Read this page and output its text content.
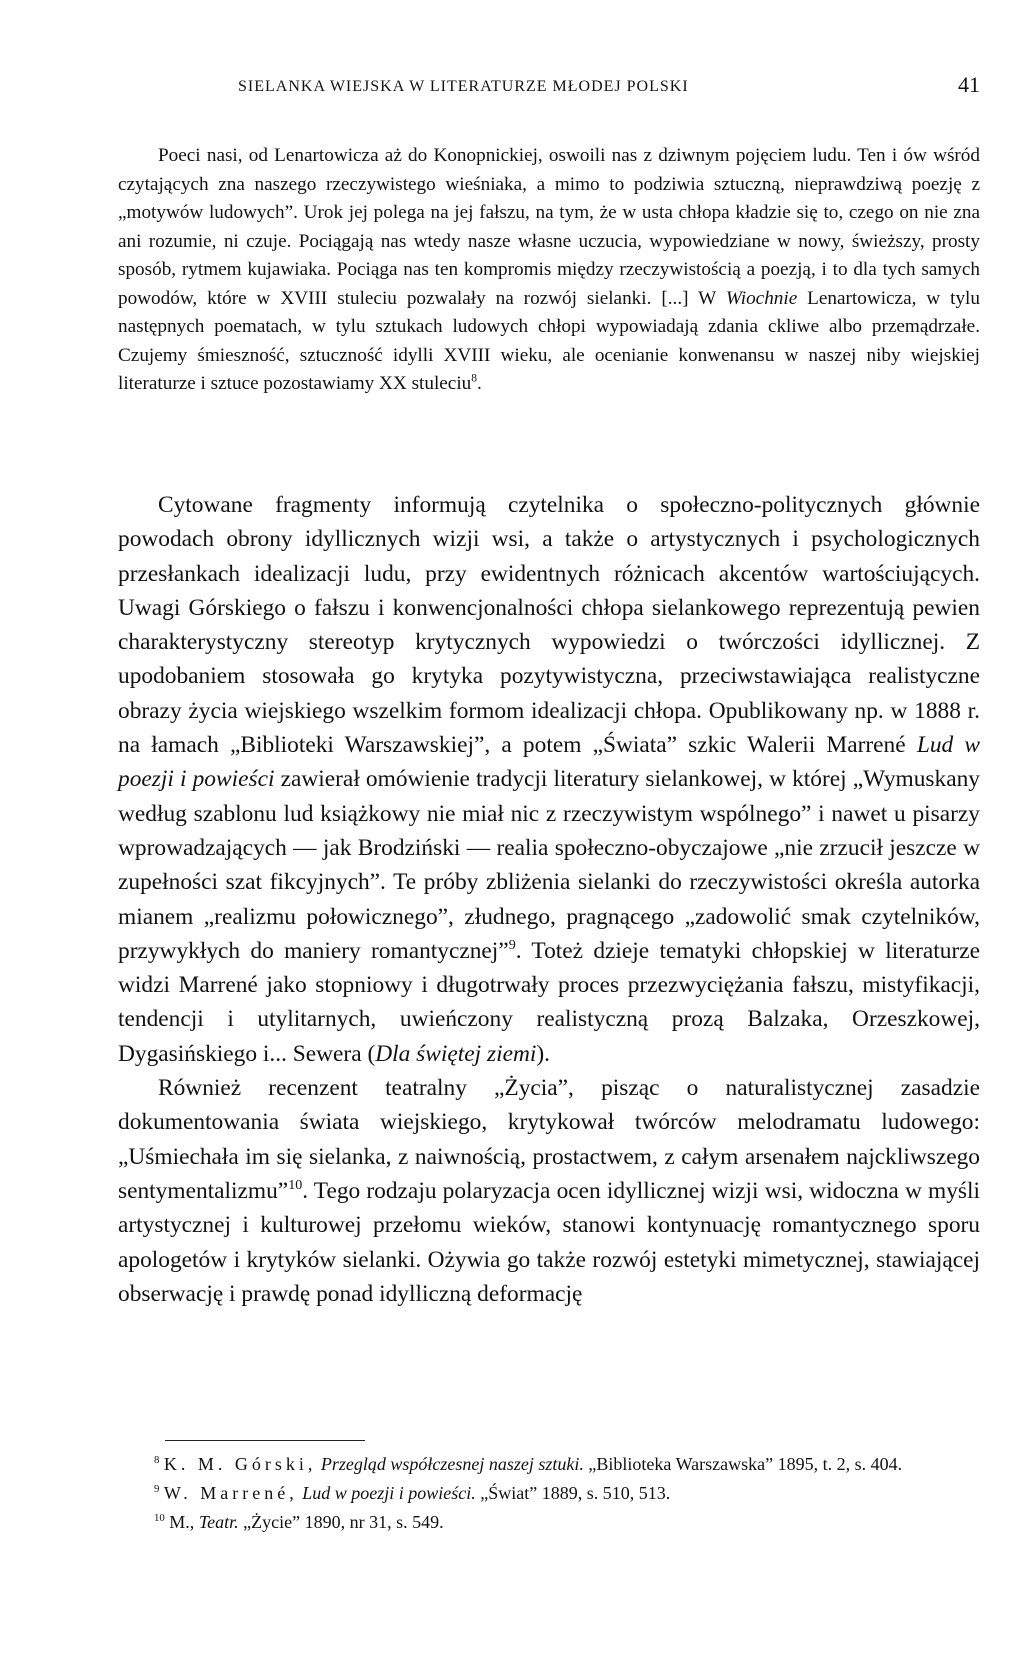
SIELANKA WIEJSKA W LITERATURZE MŁODEJ POLSKI	41

Poeci nasi, od Lenartowicza aż do Konopnickiej, oswoili nas z dziwnym pojęciem ludu. Ten i ów wśród czytających zna naszego rzeczywistego wieśniaka, a mimo to podziwia sztuczną, nieprawdziwą poezję z „motywów ludowych”. Urok jej polega na jej fałszu, na tym, że w usta chłopa kładzie się to, czego on nie zna ani rozumie, ni czuje. Pociągają nas wtedy nasze własne uczucia, wypowiedziane w nowy, świeższy, prosty sposób, rytmem kujawiaka. Pociąga nas ten kompromis między rzeczywistością a poezją, i to dla tych samych powodów, które w XVIII stuleciu pozwalały na rozwój sielanki. [...] W Wiochnie Lenartowicza, w tylu następnych poematach, w tylu sztukach ludowych chłopi wypowiadają zdania ckliwe albo przemądrzałe. Czujemy śmieszność, sztuczność idylli XVIII wieku, ale ocenianie konwenansu w naszej niby wiejskiej literaturze i sztuce pozostawiamy XX stuleciu$^8$.

Cytowane fragmenty informują czytelnika o społeczno-politycznych głównie powodach obrony idyllicznych wizji wsi, a także o artystycznych i psychologicznych przesłankach idealizacji ludu, przy ewidentnych różnicach akcentów wartościujących. Uwagi Górskiego o fałszu i konwencjonalności chłopa sielankowego reprezentują pewien charakterystyczny stereotyp krytycznych wypowiedzi o twórczości idyllicznej. Z upodobaniem stosowała go krytyka pozytywistyczna, przeciwstawiająca realistyczne obrazy życia wiejskiego wszelkim formom idealizacji chłopa. Opublikowany np. w 1888 r. na łamach „Biblioteki Warszawskiej”, a potem „Świata” szkic Walerii Marrené Lud w poezji i powieści zawierał omówienie tradycji literatury sielankowej, w której „Wymuskany według szablonu lud książkowy nie miał nic z rzeczywistym wspólnego” i nawet u pisarzy wprowadzających — jak Brodziński — realia społeczno-obyczajowe „nie zrzucił jeszcze w zupełności szat fikcyjnych”. Te próby zbliżenia sielanki do rzeczywistości określa autorka mianem „realizmu połowicznego”, złudnego, pragnącego „zadowolić smak czytelników, przywykłych do maniery romantycznej”$^9$. Toteż dzieje tematyki chłopskiej w literaturze widzi Marrené jako stopniowy i długotrwały proces przezwyciężania fałszu, mistyfikacji, tendencji i utylitarnych, uwieńczony realistyczną prozą Balzaka, Orzeszkowej, Dygasińskiego i... Sewera (Dla świętej ziemi).

Również recenzent teatralny „Życia”, pisząc o naturalistycznej zasadzie dokumentowania świata wiejskiego, krytykował twórców melodramatu ludowego: „Uśmiechała im się sielanka, z naiwnością, prostactwem, z całym arsenałem najckliwszego sentymentalizmu”$^{10}$. Tego rodzaju polaryzacja ocen idyllicznej wizji wsi, widoczna w myśli artystycznej i kulturowej przełomu wieków, stanowi kontynuację romantycznego sporu apologetów i krytyków sielanki. Ożywia go także rozwój estetyki mimetycznej, stawiającej obserwację i prawdę ponad idylliczną deformację

$^8$ K. M. Górski, Przegląd współczesnej naszej sztuki. „Biblioteka Warszawska” 1895, t. 2, s. 404.

$^9$ W. Marrené, Lud w poezji i powieści. „Świat” 1889, s. 510, 513.

$^{10}$ M., Teatr. „Życie” 1890, nr 31, s. 549.
